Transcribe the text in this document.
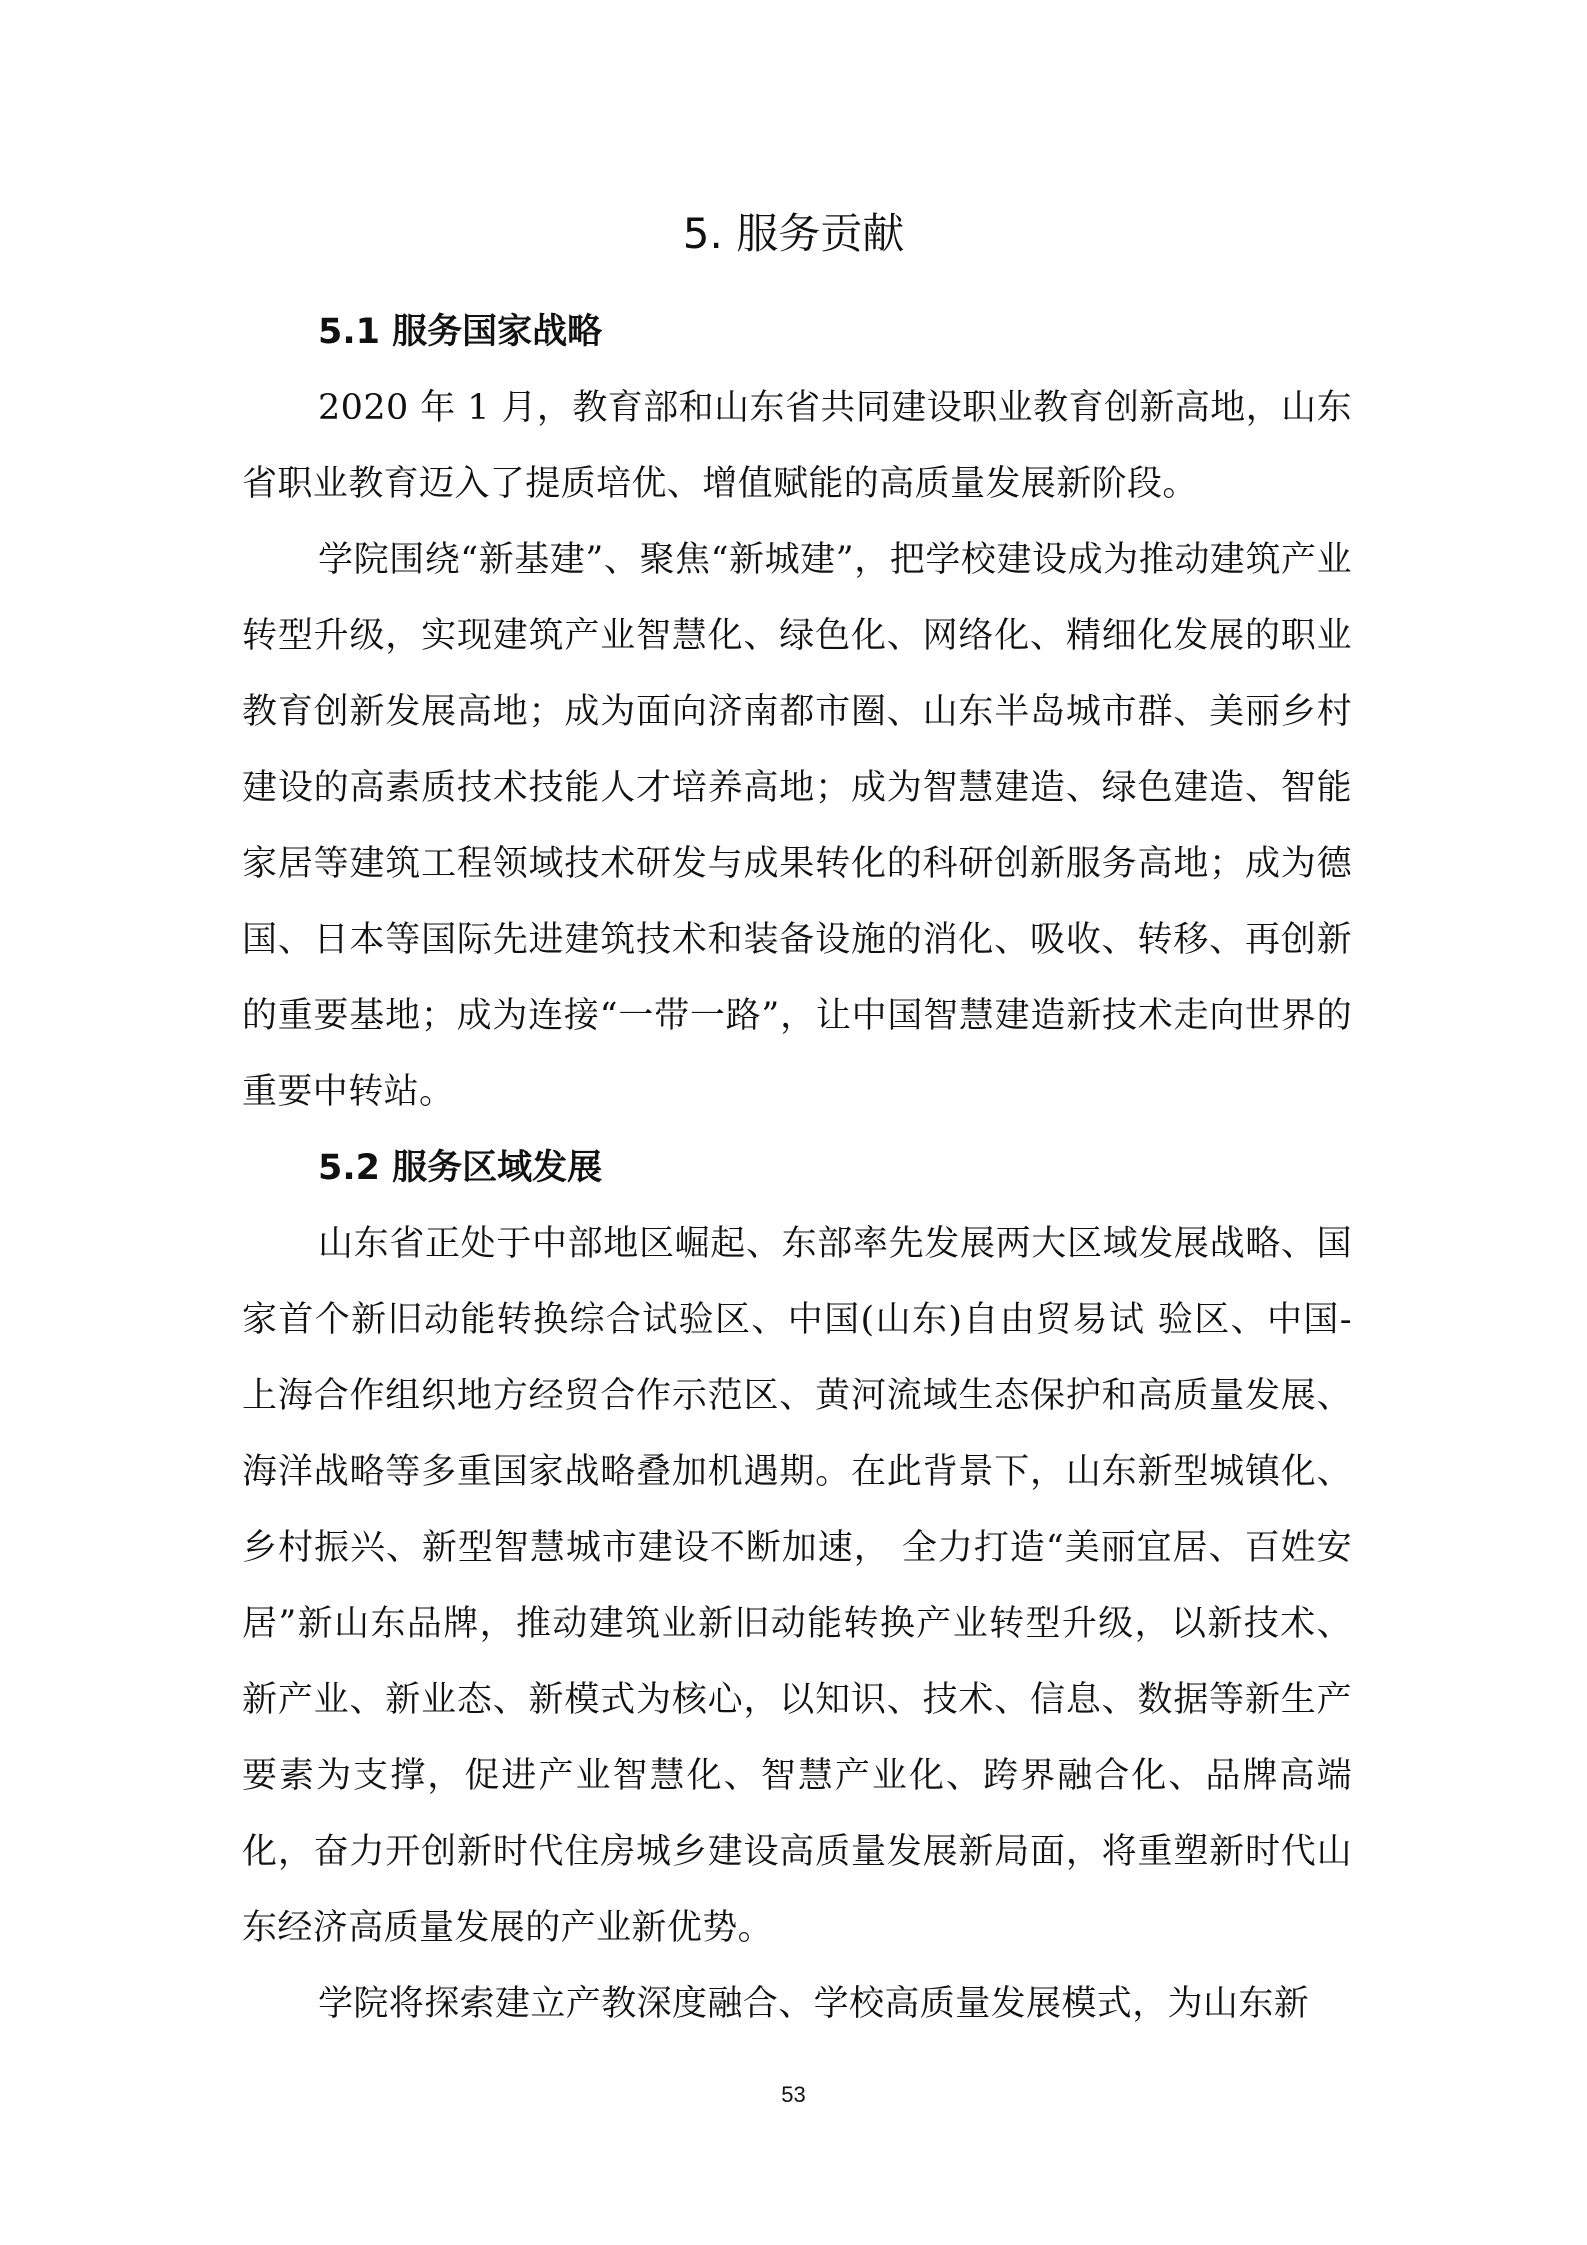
5. 服务贡献
5.1 服务国家战略

2020 年 1 月，教育部和山东省共同建设职业教育创新高地，山东省职业教育迈入了提质培优、增值赋能的高质量发展新阶段。

学院围绕“新基建”、聚焦“新城建”，把学校建设成为推动建筑产业转型升级，实现建筑产业智慧化、绿色化、网络化、精细化发展的职业教育创新发展高地；成为面向济南都市圈、山东半岛城市群、美丽乡村建设的高素质技术技能人才培养高地；成为智慧建造、绿色建造、智能家居等建筑工程领域技术研发与成果转化的科研创新服务高地；成为德国、日本等国际先进建筑技术和装备设施的消化、吸收、转移、再创新的重要基地；成为连接“一带一路”，让中国智慧建造新技术走向世界的重要中转站。

5.2 服务区域发展

山东省正处于中部地区崛起、东部率先发展两大区域发展战略、国家首个新旧动能转换综合试验区、中国(山东)自由贸易试 验区、中国-上海合作组织地方经贸合作示范区、黄河流域生态保护和高质量发展、海洋战略等多重国家战略叠加机遇期。在此背景下，山东新型城镇化、乡村振兴、新型智慧城市建设不断加速， 全力打造“美丽宜居、百姓安居”新山东品牌，推动建筑业新旧动能转换产业转型升级，以新技术、新产业、新业态、新模式为核心，以知识、技术、信息、数据等新生产要素为支撑，促进产业智慧化、智慧产业化、跨界融合化、品牌高端化，奋力开创新时代住房城乡建设高质量发展新局面，将重塑新时代山东经济高质量发展的产业新优势。

学院将探索建立产教深度融合、学校高质量发展模式，为山东新

53
